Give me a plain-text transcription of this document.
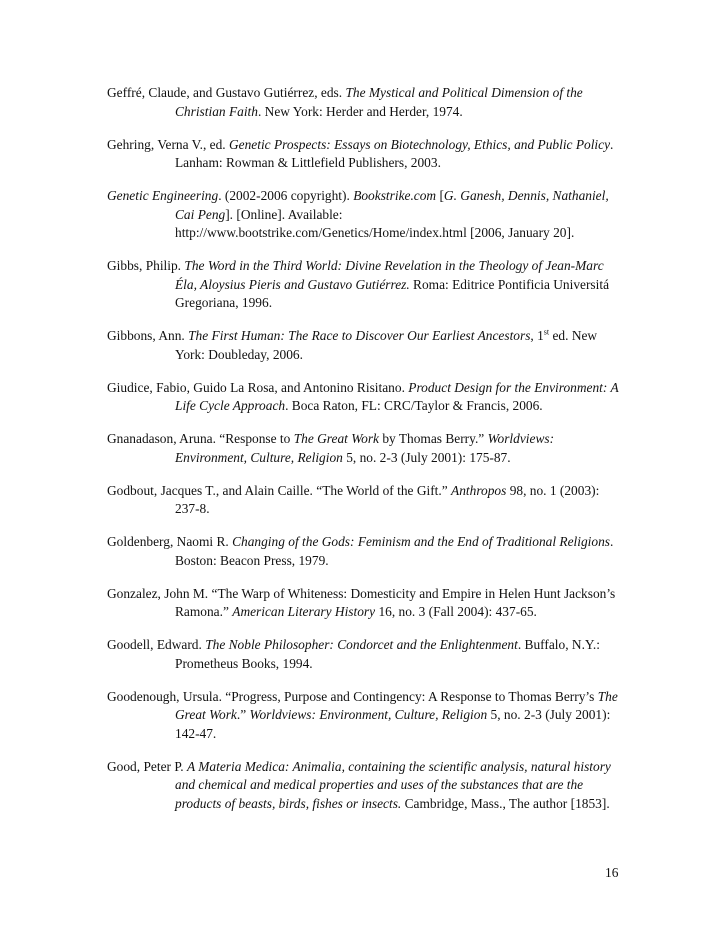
Geffré, Claude, and Gustavo Gutiérrez, eds. The Mystical and Political Dimension of the Christian Faith. New York: Herder and Herder, 1974.

Gehring, Verna V., ed. Genetic Prospects: Essays on Biotechnology, Ethics, and Public Policy. Lanham: Rowman & Littlefield Publishers, 2003.

Genetic Engineering. (2002-2006 copyright). Bookstrike.com [G. Ganesh, Dennis, Nathaniel, Cai Peng]. [Online]. Available: http://www.bootstrike.com/Genetics/Home/index.html [2006, January 20].

Gibbs, Philip. The Word in the Third World: Divine Revelation in the Theology of Jean-Marc Éla, Aloysius Pieris and Gustavo Gutiérrez. Roma: Editrice Pontificia Universitá Gregoriana, 1996.

Gibbons, Ann. The First Human: The Race to Discover Our Earliest Ancestors, 1st ed. New York: Doubleday, 2006.

Giudice, Fabio, Guido La Rosa, and Antonino Risitano. Product Design for the Environment: A Life Cycle Approach. Boca Raton, FL: CRC/Taylor & Francis, 2006.

Gnanadason, Aruna. “Response to The Great Work by Thomas Berry.” Worldviews: Environment, Culture, Religion 5, no. 2-3 (July 2001): 175-87.

Godbout, Jacques T., and Alain Caille. “The World of the Gift.” Anthropos 98, no. 1 (2003): 237-8.

Goldenberg, Naomi R. Changing of the Gods: Feminism and the End of Traditional Religions. Boston: Beacon Press, 1979.

Gonzalez, John M. “The Warp of Whiteness: Domesticity and Empire in Helen Hunt Jackson’s Ramona.” American Literary History 16, no. 3 (Fall 2004): 437-65.

Goodell, Edward. The Noble Philosopher: Condorcet and the Enlightenment. Buffalo, N.Y.: Prometheus Books, 1994.

Goodenough, Ursula. “Progress, Purpose and Contingency: A Response to Thomas Berry’s The Great Work.” Worldviews: Environment, Culture, Religion 5, no. 2-3 (July 2001): 142-47.

Good, Peter P. A Materia Medica: Animalia, containing the scientific analysis, natural history and chemical and medical properties and uses of the substances that are the products of beasts, birds, fishes or insects. Cambridge, Mass., The author [1853].

16
